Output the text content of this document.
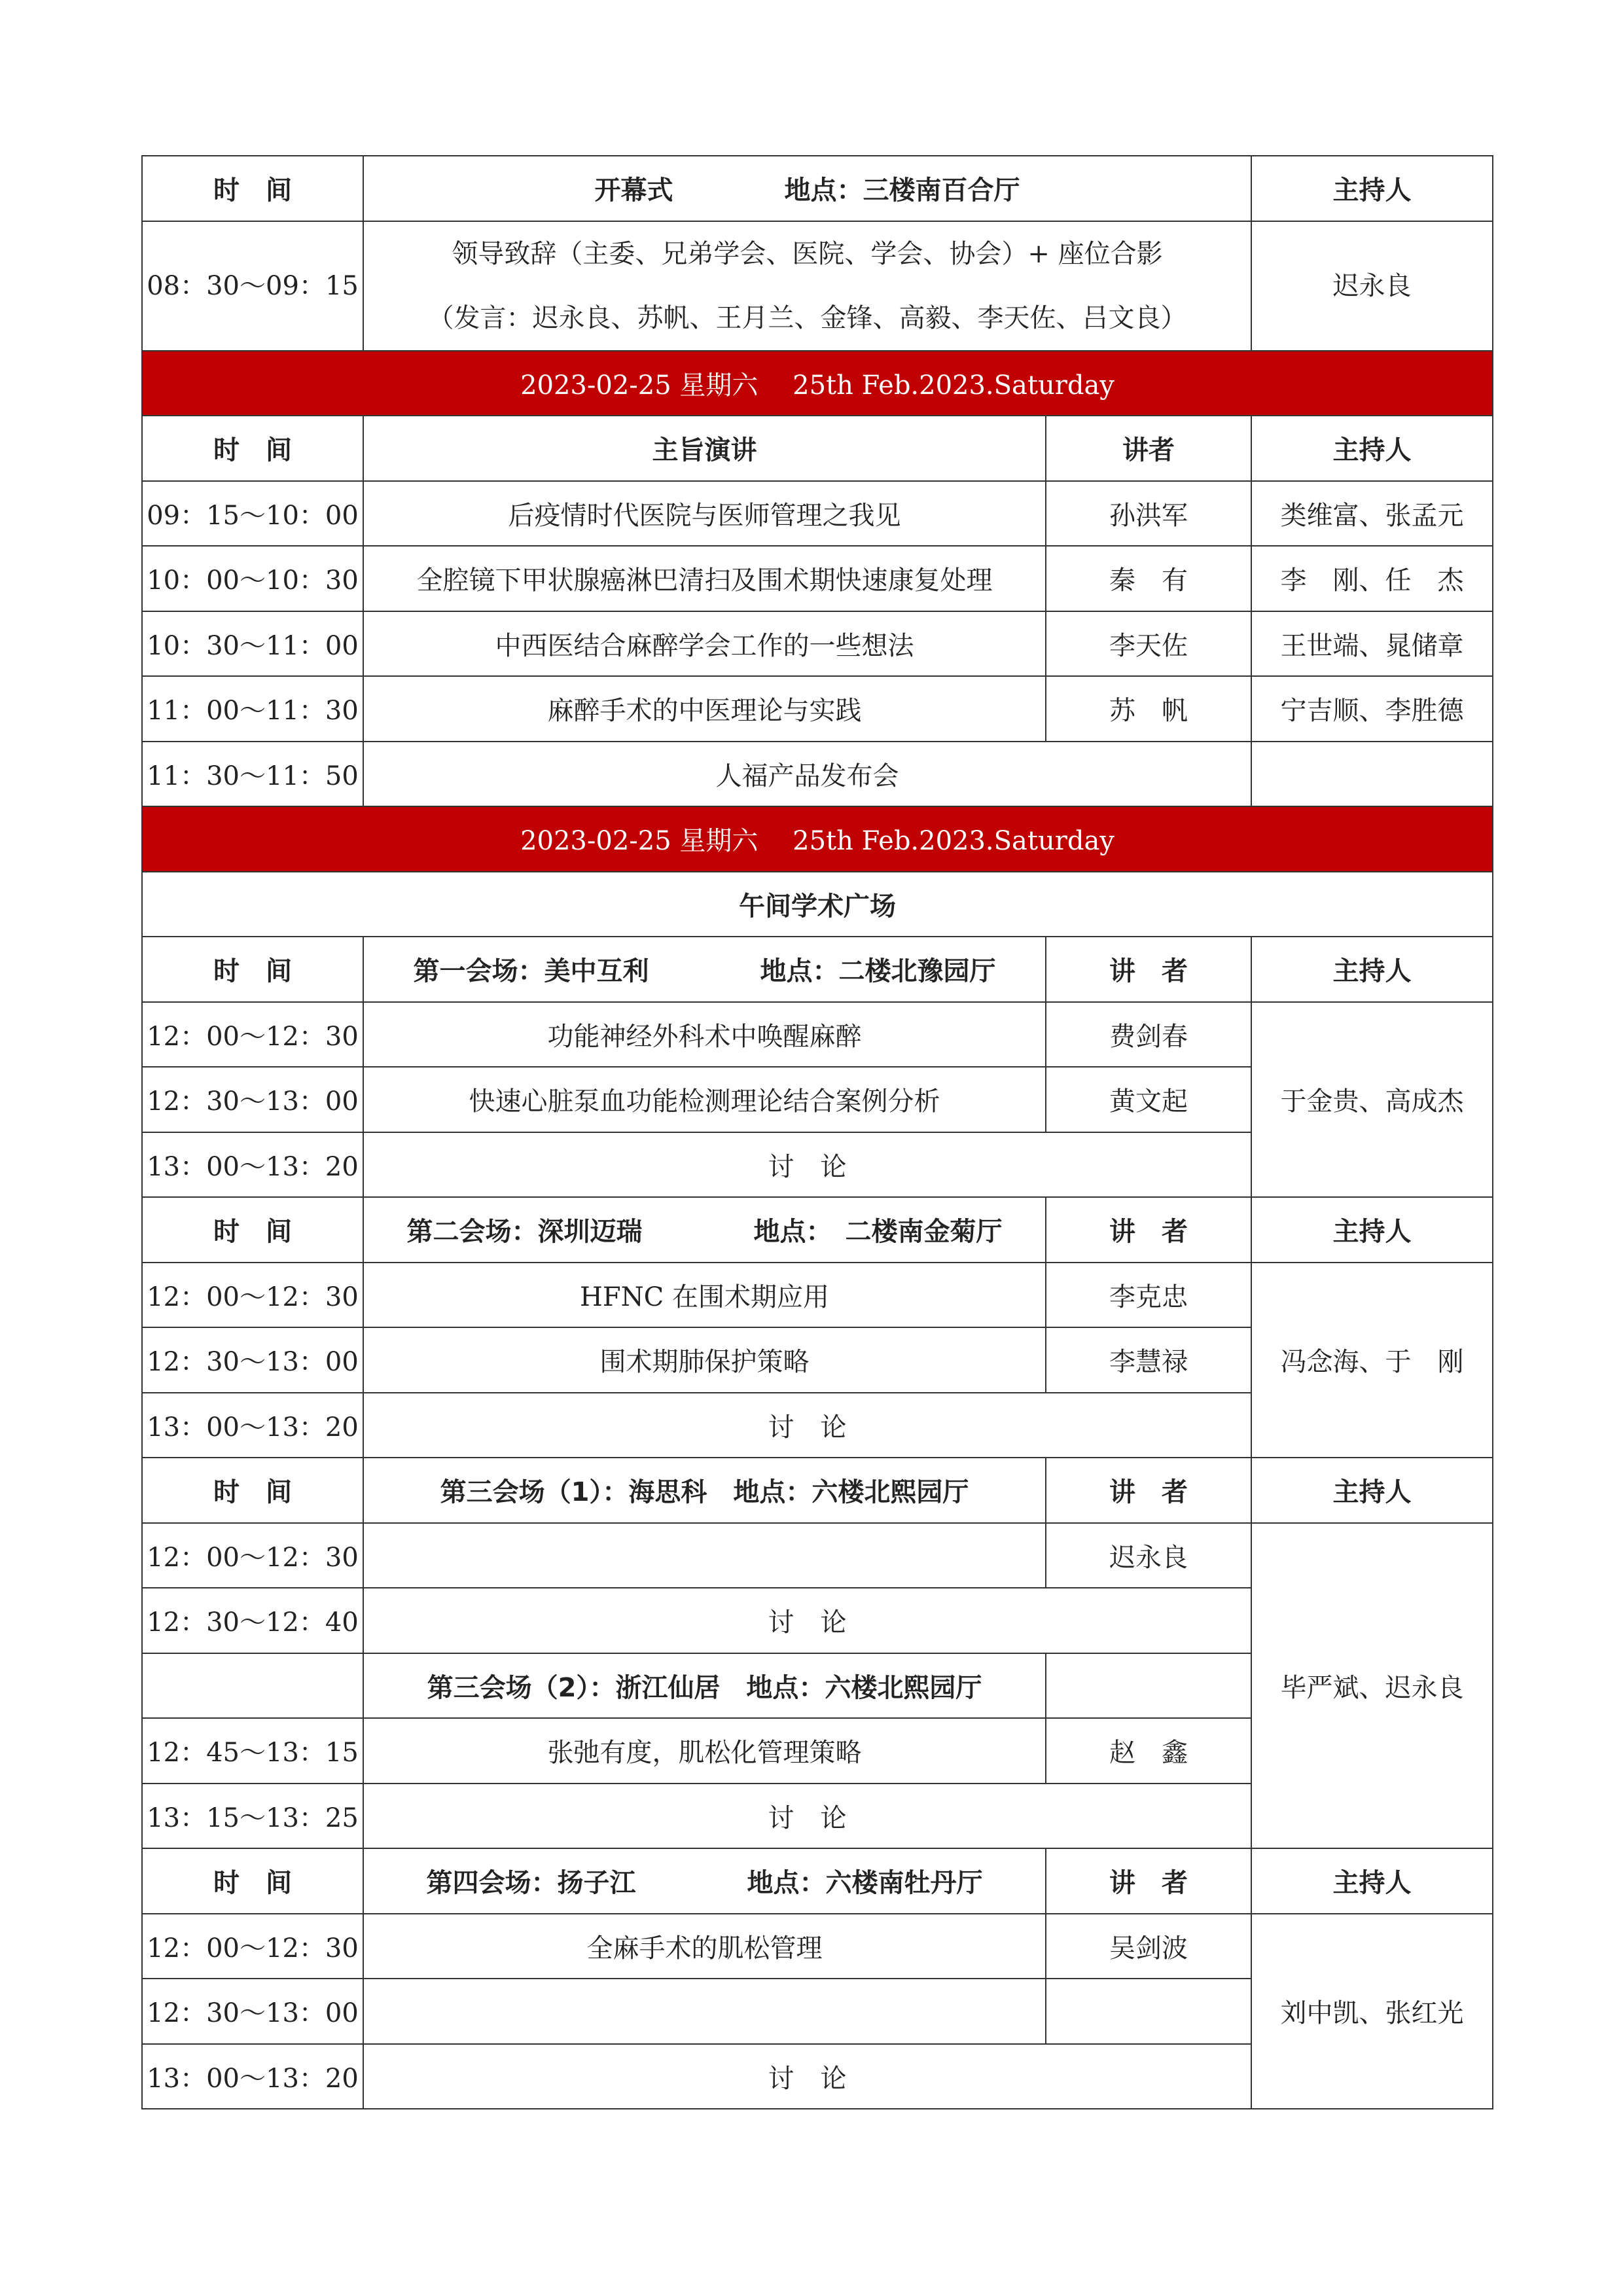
时　间	开幕式 地点：三楼南百合厅		主持人
08：30～09：15	领导致辞（主委、兄弟学会、医院、学会、协会）+ 座位合影
（发言：迟永良、苏帆、王月兰、金锋、高毅、李天佐、吕文良）		迟永良
2023-02-25 星期六　 25th Feb.2023.Saturday			
时　间	主旨演讲	讲者	主持人
09：15～10：00	后疫情时代医院与医师管理之我见	孙洪军	类维富、张孟元
10：00～10：30	全腔镜下甲状腺癌淋巴清扫及围术期快速康复处理	秦　有	李　刚、任　杰
10：30～11：00	中西医结合麻醉学会工作的一些想法	李天佐	王世端、晁储章
11：00～11：30	麻醉手术的中医理论与实践	苏　帆	宁吉顺、李胜德
11：30～11：50	人福产品发布会		
2023-02-25 星期六　 25th Feb.2023.Saturday			
午间学术广场			
时　间	第一会场：美中互利 地点：二楼北豫园厅	讲　者	主持人
12：00～12：30	功能神经外科术中唤醒麻醉	费剑春	于金贵、高成杰
12：30～13：00	快速心脏泵血功能检测理论结合案例分析	黄文起	
13：00～13：20	讨　论		
时　间	第二会场：深圳迈瑞 地点：　二楼南金菊厅	讲　者	主持人
12：00～12：30	HFNC 在围术期应用	李克忠	冯念海、于　刚
12：30～13：00	围术期肺保护策略	李慧禄	
13：00～13：20	讨　论		
时　间	第三会场（1）：海思科 地点：六楼北熙园厅	讲　者	主持人
12：00～12：30		迟永良	毕严斌、迟永良
12：30～12：40	讨　论		
	第三会场（2）：浙江仙居 地点：六楼北熙园厅		
12：45～13：15	张弛有度，肌松化管理策略	赵　鑫	
13：15～13：25	讨　论		
时　间	第四会场：扬子江 地点：六楼南牡丹厅	讲　者	主持人
12：00～12：30	全麻手术的肌松管理	吴剑波	刘中凯、张红光
12：30～13：00			
13：00～13：20	讨　论		
